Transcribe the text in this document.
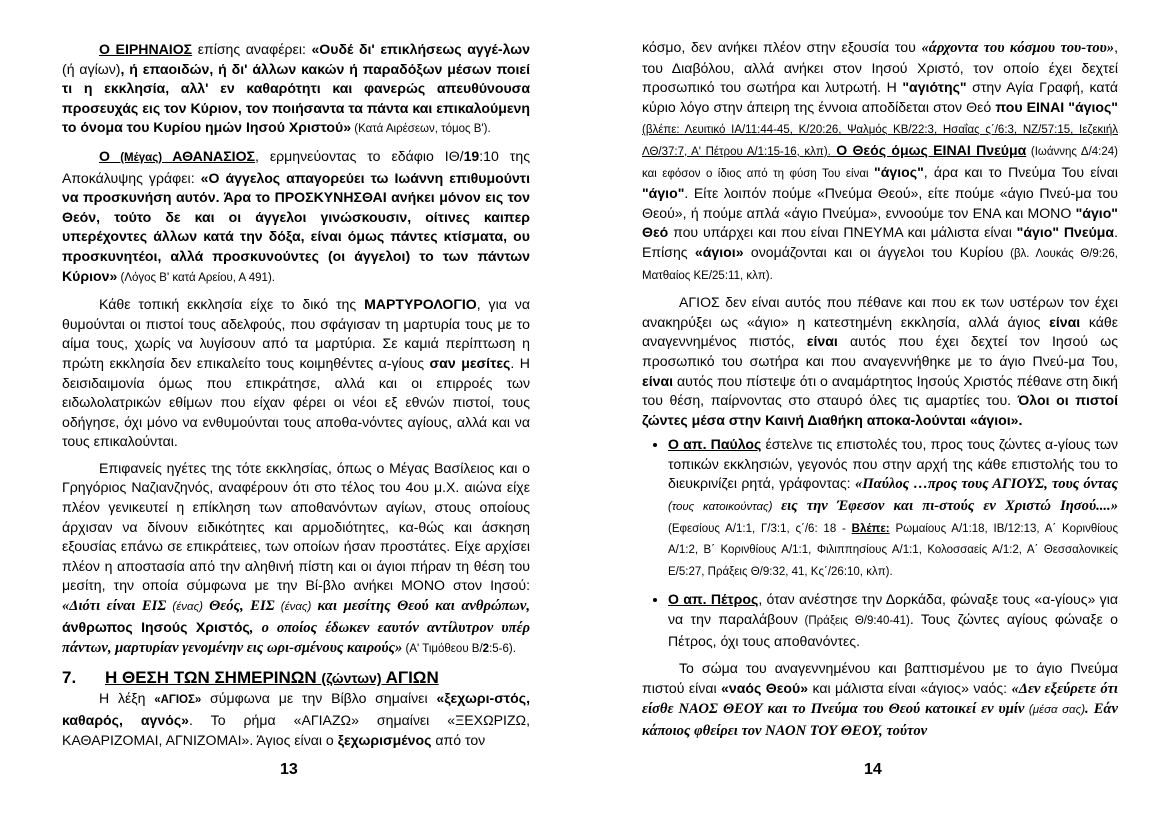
Ο ΕΙΡΗΝΑΙΟΣ επίσης αναφέρει: «Ουδέ δι' επικλήσεως αγγέ-λων (ή αγίων), ή επαοιδών, ή δι' άλλων κακών ή παραδόξων μέσων ποιεί τι η εκκλησία, αλλ' εν καθαρότητι και φανερώς απευθύνουσα προσευχάς εις τον Κύριον, τον ποιήσαντα τα πάντα και επικαλούμενη το όνομα του Κυρίου ημών Ιησού Χριστού» (Κατά Αιρέσεων, τόμος Β').

Ο (Μέγας) ΑΘΑΝΑΣΙΟΣ, ερμηνεύοντας το εδάφιο ΙΘ/19:10 της Αποκάλυψης γράφει: «Ο άγγελος απαγορεύει τω Ιωάννη επιθυμούντι να προσκυνήση αυτόν. Άρα το ΠΡΟΣΚΥΝΗΣΘΑΙ ανήκει μόνον εις τον Θεόν, τούτο δε και οι άγγελοι γινώσκουσιν, οίτινες καιπερ υπερέχοντες άλλων κατά την δόξα, είναι όμως πάντες κτίσματα, ου προσκυνητέοι, αλλά προσκυνούντες (οι άγγελοι) το των πάντων Κύριον» (Λόγος Β' κατά Αρείου, Α 491).

Κάθε τοπική εκκλησία είχε το δικό της ΜΑΡΤΥΡΟΛΟΓΙΟ, για να θυμούνται οι πιστοί τους αδελφούς, που σφάγισαν τη μαρτυρία τους με το αίμα τους, χωρίς να λυγίσουν από τα μαρτύρια. Σε καμιά περίπτωση η πρώτη εκκλησία δεν επικαλείτο τους κοιμηθέντες α-γίους σαν μεσίτες. Η δεισιδαιμονία όμως που επικράτησε, αλλά και οι επιρροές των ειδωλολατρικών εθίμων που είχαν φέρει οι νέοι εξ εθνών πιστοί, τους οδήγησε, όχι μόνο να ενθυμούνται τους αποθα-νόντες αγίους, αλλά και να τους επικαλούνται.

Επιφανείς ηγέτες της τότε εκκλησίας, όπως ο Μέγας Βασίλειος και ο Γρηγόριος Ναζιανζηνός, αναφέρουν ότι στο τέλος του 4ου μ.Χ. αιώνα είχε πλέον γενικευτεί η επίκληση των αποθανόντων αγίων, στους οποίους άρχισαν να δίνουν ειδικότητες και αρμοδιότητες, κα-θώς και άσκηση εξουσίας επάνω σε επικράτειες, των οποίων ήσαν προστάτες. Είχε αρχίσει πλέον η αποστασία από την αληθινή πίστη και οι άγιοι πήραν τη θέση του μεσίτη, την οποία σύμφωνα με την Βί-βλο ανήκει ΜΟΝΟ στον Ιησού: «Διότι είναι ΕΙΣ (ένας) Θεός, ΕΙΣ (ένας) και μεσίτης Θεού και ανθρώπων, άνθρωπος Ιησούς Χριστός, ο οποίος έδωκεν εαυτόν αντίλυτρον υπέρ πάντων, μαρτυρίαν γενομένην εις ωρι-σμένους καιρούς» (Α' Τιμόθεου Β/2:5-6).

7.	Η ΘΕΣΗ ΤΩΝ ΣΗΜΕΡΙΝΩΝ (ζώντων) ΑΓΙΩΝ

Η λέξη «ΑΓΙΟΣ» σύμφωνα με την Βίβλο σημαίνει «ξεχωρι-στός, καθαρός, αγνός». Το ρήμα «ΑΓΙΑΖΩ» σημαίνει «ΞΕΧΩΡΙΖΩ, ΚΑΘΑΡΙΖΟΜΑΙ, ΑΓΝΙΖΟΜΑΙ». Άγιος είναι ο ξεχωρισμένος από τον

13

κόσμο, δεν ανήκει πλέον στην εξουσία του «άρχοντα του κόσμου του-του», του Διαβόλου, αλλά ανήκει στον Ιησού Χριστό, τον οποίο έχει δεχτεί προσωπικό του σωτήρα και λυτρωτή. Η "αγιότης" στην Αγία Γραφή, κατά κύριο λόγο στην άπειρη της έννοια αποδίδεται στον Θεό που ΕΙΝΑΙ "άγιος" (βλέπε: Λευιτικό ΙΑ/11:44-45, Κ/20:26, Ψαλμός ΚΒ/22:3, Ησαΐας ς΄/6:3, ΝΖ/57:15, Ιεζεκιήλ ΛΘ/37:7, Α' Πέτρου Α/1:15-16, κλπ). Ο Θεός όμως ΕΙΝΑΙ Πνεύμα (Ιωάννης Δ/4:24) και εφόσον ο ίδιος από τη φύση Του είναι "άγιος", άρα και το Πνεύμα Του είναι "άγιο". Είτε λοιπόν πούμε «Πνεύμα Θεού», είτε πούμε «άγιο Πνεύ-μα του Θεού», ή πούμε απλά «άγιο Πνεύμα», εννοούμε τον ΕΝΑ και ΜΟΝΟ "άγιο" Θεό που υπάρχει και που είναι ΠΝΕΥΜΑ και μάλιστα είναι "άγιο" Πνεύμα. Επίσης «άγιοι» ονομάζονται και οι άγγελοι του Κυρίου (βλ. Λουκάς Θ/9:26, Ματθαίος ΚΕ/25:11, κλπ).

ΑΓΙΟΣ δεν είναι αυτός που πέθανε και που εκ των υστέρων τον έχει ανακηρύξει ως «άγιο» η κατεστημένη εκκλησία, αλλά άγιος είναι κάθε αναγεννημένος πιστός, είναι αυτός που έχει δεχτεί τον Ιησού ως προσωπικό του σωτήρα και που αναγεννήθηκε με το άγιο Πνεύ-μα Του, είναι αυτός που πίστεψε ότι ο αναμάρτητος Ιησούς Χριστός πέθανε στη δική του θέση, παίρνοντας στο σταυρό όλες τις αμαρτίες του. Όλοι οι πιστοί ζώντες μέσα στην Καινή Διαθήκη αποκα-λούνται «άγιοι».

• Ο απ. Παύλος έστελνε τις επιστολές του, προς τους ζώντες α-γίους των τοπικών εκκλησιών, γεγονός που στην αρχή της κάθε επιστολής του το διευκρινίζει ρητά, γράφοντας: «Παύλος …προς τους ΑΓΙΟΥΣ, τους όντας (τους κατοικούντας) εις την Έφεσον και πι-στούς εν Χριστώ Ιησού....» (Εφεσίους Α/1:1, Γ/3:1, ς΄/6: 18 - Βλέπε: Ρωμαίους Α/1:18, ΙΒ/12:13, Α΄ Κορινθίους Α/1:2, Β΄ Κορινθίους Α/1:1, Φιλιππησίους Α/1:1, Κολοσσαείς Α/1:2, Α΄ Θεσσαλονικείς Ε/5:27, Πράξεις Θ/9:32, 41, Κς΄/26:10, κλπ).
• Ο απ. Πέτρος, όταν ανέστησε την Δορκάδα, φώναξε τους «α-γίους» για να την παραλάβουν (Πράξεις Θ/9:40-41). Τους ζώντες αγίους φώναξε ο Πέτρος, όχι τους αποθανόντες.

Το σώμα του αναγεννημένου και βαπτισμένου με το άγιο Πνεύμα πιστού είναι «ναός Θεού» και μάλιστα είναι «άγιος» ναός: «Δεν εξεύρετε ότι είσθε ΝΑΟΣ ΘΕΟΥ και το Πνεύμα του Θεού κατοικεί εν υμίν (μέσα σας). Εάν κάποιος φθείρει τον ΝΑΟΝ ΤΟΥ ΘΕΟΥ, τούτον

14
